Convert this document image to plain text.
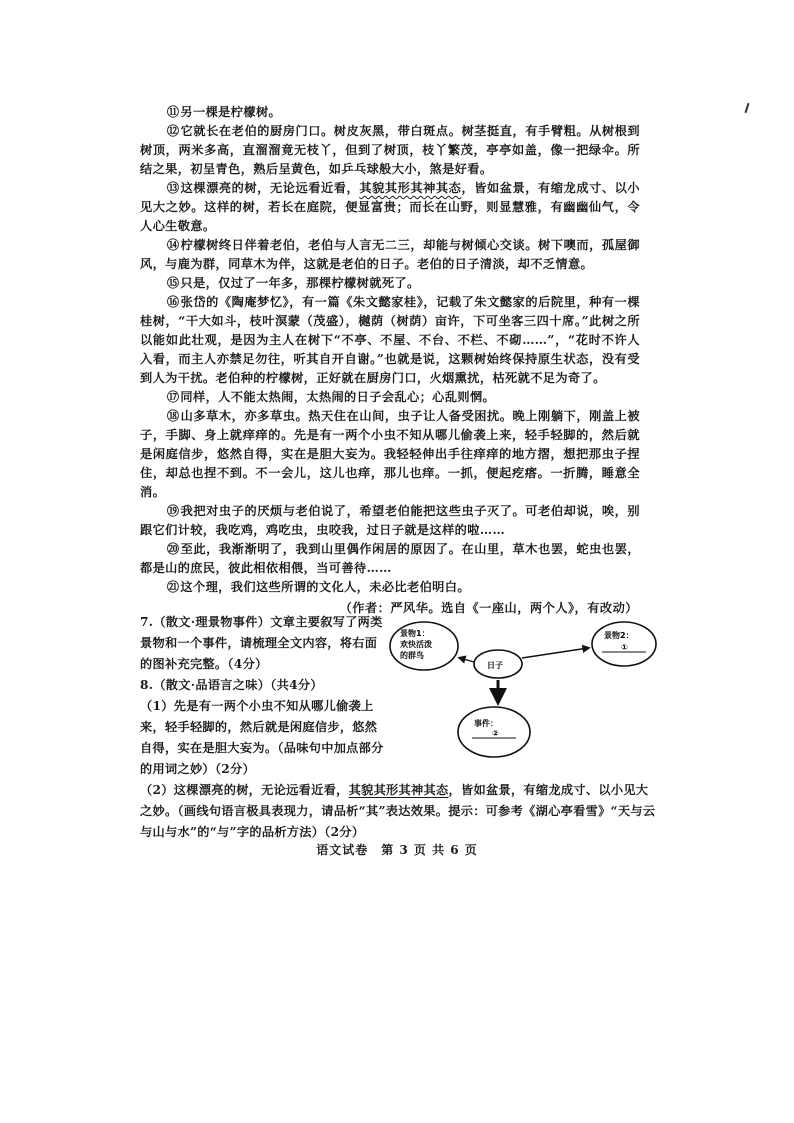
⑪另一棵是柠檬树。

⑫它就长在老伯的厨房门口。树皮灰黑，带白斑点。树茎挺直，有手臂粗。从树根到树顶，两米多高，直溜溜竟无枝丫，但到了树顶，枝丫繁茂，亭亭如盖，像一把绿伞。所结之果，初呈青色，熟后呈黄色，如乒乓球般大小，煞是好看。

⑬这棵漂亮的树，无论远看近看，其貌其形其神其态，皆如盆景，有缩龙成寸、以小见大之妙。这样的树，若长在庭院，便显富贵；而长在山野，则显慧雅，有幽幽仙气，令人心生敬意。

⑭柠檬树终日伴着老伯，老伯与人言无二三，却能与树倾心交谈。树下噢而，孤屋御风，与鹿为群，同草木为伴，这就是老伯的日子。老伯的日子清淡，却不乏情意。

⑮只是，仅过了一年多，那棵柠檬树就死了。

⑯张岱的《陶庵梦忆》，有一篇《朱文懿家桂》，记载了朱文懿家的后院里，种有一棵桂树，“干大如斗，枝叶溟蒙（茂盛），樾荫（树荫）亩许，下可坐客三四十席。”此树之所以能如此壮观，是因为主人在树下“不亭、不屋、不台、不栏、不砌……”，“花时不许人入看，而主人亦禁足勿往，听其自开自谢。”也就是说，这颗树始终保持原生状态，没有受到人为干扰。老伯种的柠檬树，正好就在厨房门口，火烟熏扰，枯死就不足为奇了。

⑰同样，人不能太热闹，太热闹的日子会乱心；心乱则惘。

⑱山多草木，亦多草虫。热天住在山间，虫子让人备受困扰。晚上刚躺下，刚盖上被子，手脚、身上就痒痒的。先是有一两个小虫不知从哪儿偷袭上来，轻手轻脚的，然后就是闲庭信步，悠然自得，实在是胆大妄为。我轻轻伸出手往痒痒的地方摺，想把那虫子捏住，却总也捏不到。不一会儿，这儿也痒，那儿也痒。一抓，便起疙瘩。一折腾，睡意全消。

⑲我把对虫子的厌烦与老伯说了，希望老伯能把这些虫子灭了。可老伯却说，唉，别跟它们计较，我吃鸡，鸡吃虫，虫咬我，过日子就是这样的啦……

⑳至此，我渐渐明了，我到山里偶作闲居的原因了。在山里，草木也罢，蛇虫也罢，都是山的庶民，彼此相依相偎，当可善待……

㉑这个理，我们这些所谓的文化人，未必比老伯明白。

（作者：严风华。选自《一座山，两个人》，有改动）

7.（散文·理景物事件）文章主要叙写了两类景物和一个事件，请梳理全文内容，将右面的图补充完整。（4分）

8.（散文·品语言之味）（共4分）

（1）先是有一两个小虫不知从哪儿偷袭上来，轻手轻脚的，然后就是闲庭信步，悠然自得，实在是胆大妄为。（品味句中加点部分的用词之妙）（2分）

（2）这棵漂亮的树，无论远看近看，其貌其形其神其态，皆如盆景，有缩龙成寸、以小见大之妙。（画线句语言极具表现力，请品析“其”表达效果。提示：可参考《湖心亭看雪》“天与云与山与水”的“与”字的品析方法）（2分）

景物1：
欢快活泼
的群鸟
景物2：
①
日子
事件：
②
语文试卷　第 3 页 共 6 页
